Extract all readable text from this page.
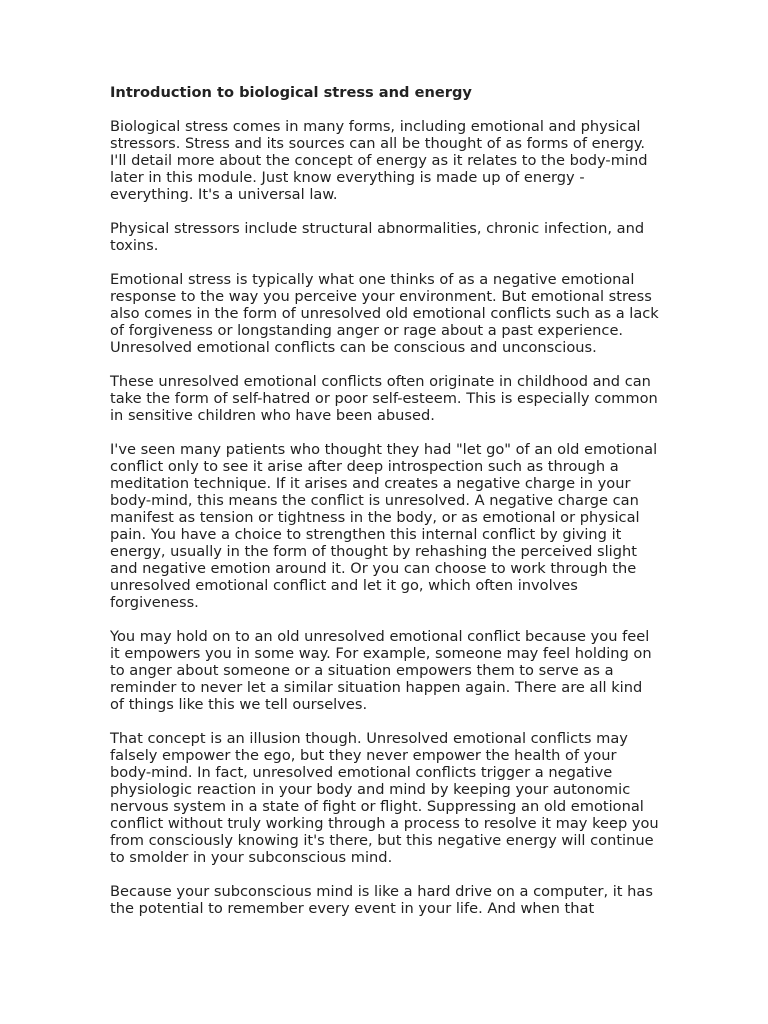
Introduction to biological stress and energy
Biological stress comes in many forms, including emotional and physical stressors. Stress and its sources can all be thought of as forms of energy. I'll detail more about the concept of energy as it relates to the body-mind later in this module. Just know everything is made up of energy - everything. It's a universal law.
Physical stressors include structural abnormalities, chronic infection, and toxins.
Emotional stress is typically what one thinks of as a negative emotional response to the way you perceive your environment. But emotional stress also comes in the form of unresolved old emotional conflicts such as a lack of forgiveness or longstanding anger or rage about a past experience. Unresolved emotional conflicts can be conscious and unconscious.
These unresolved emotional conflicts often originate in childhood and can take the form of self-hatred or poor self-esteem. This is especially common in sensitive children who have been abused.
I've seen many patients who thought they had "let go" of an old emotional conflict only to see it arise after deep introspection such as through a meditation technique. If it arises and creates a negative charge in your body-mind, this means the conflict is unresolved. A negative charge can manifest as tension or tightness in the body, or as emotional or physical pain. You have a choice to strengthen this internal conflict by giving it energy, usually in the form of thought by rehashing the perceived slight and negative emotion around it. Or you can choose to work through the unresolved emotional conflict and let it go, which often involves forgiveness.
You may hold on to an old unresolved emotional conflict because you feel it empowers you in some way. For example, someone may feel holding on to anger about someone or a situation empowers them to serve as a reminder to never let a similar situation happen again. There are all kind of things like this we tell ourselves.
That concept is an illusion though. Unresolved emotional conflicts may falsely empower the ego, but they never empower the health of your body-mind. In fact, unresolved emotional conflicts trigger a negative physiologic reaction in your body and mind by keeping your autonomic nervous system in a state of fight or flight. Suppressing an old emotional conflict without truly working through a process to resolve it may keep you from consciously knowing it's there, but this negative energy will continue to smolder in your subconscious mind.
Because your subconscious mind is like a hard drive on a computer, it has the potential to remember every event in your life. And when that
